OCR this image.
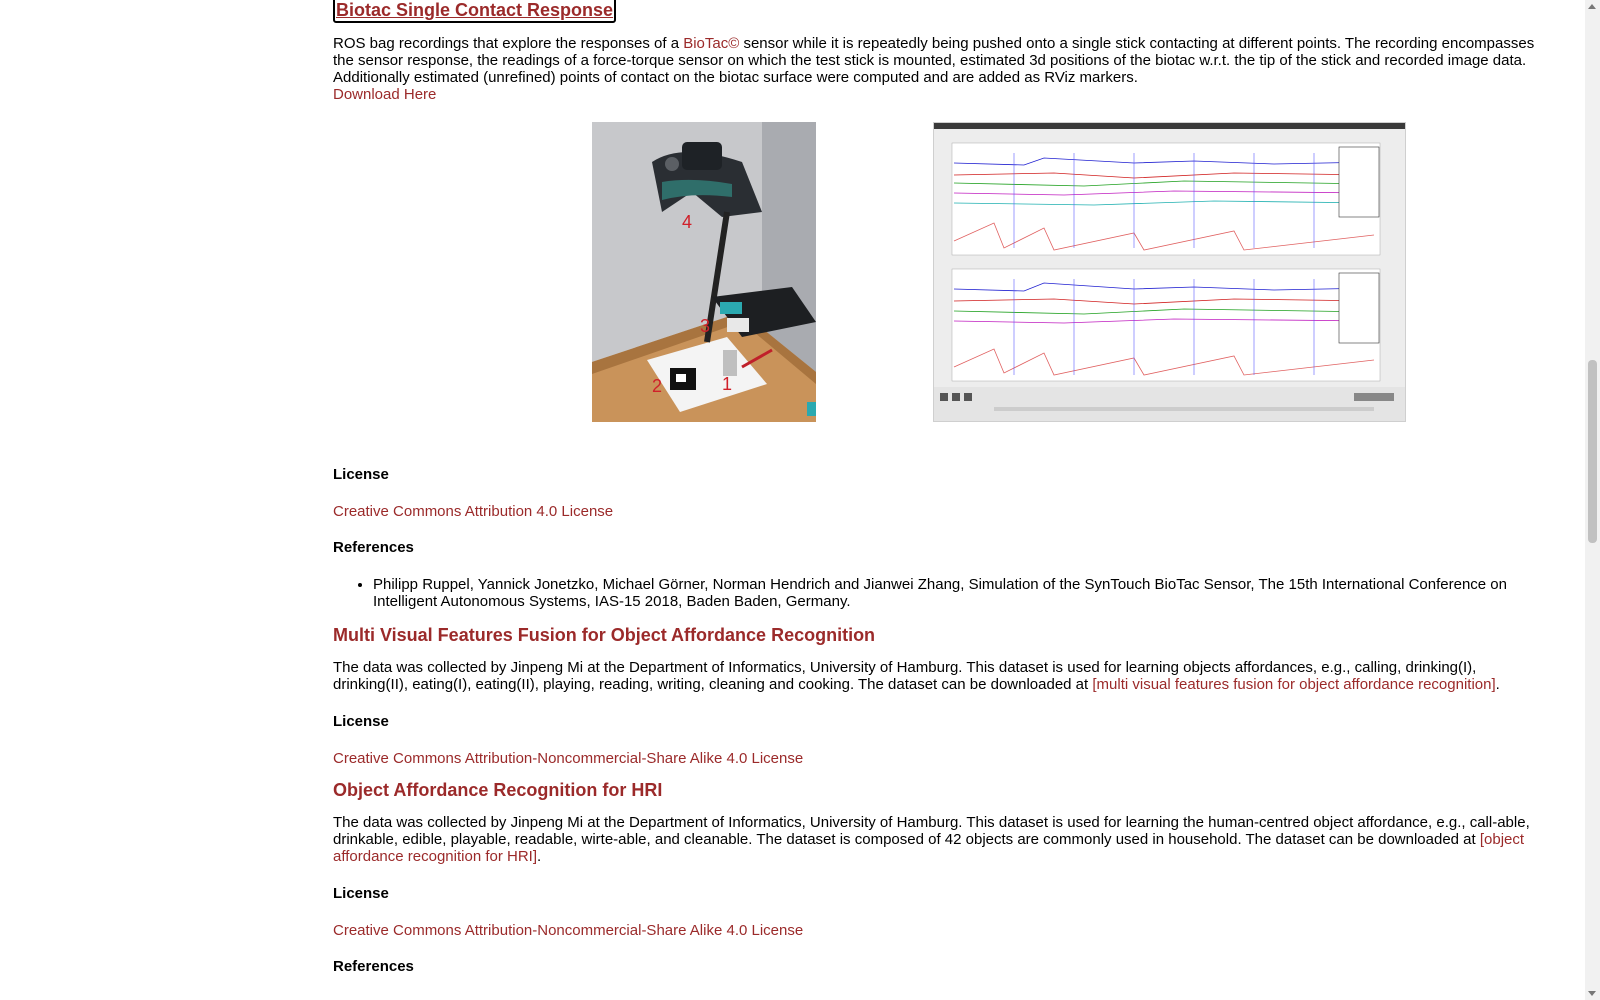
Biotac Single Contact Response

ROS bag recordings that explore the responses of a BioTac© sensor while it is repeatedly being pushed onto a single stick contacting at different points. The recording encompasses the sensor response, the readings of a force-torque sensor on which the test stick is mounted, estimated 3d positions of the biotac w.r.t. the tip of the stick and recorded image data. Additionally estimated (unrefined) points of contact on the biotac surface were computed and are added as RViz markers.

Download Here

4
3
2	1

License

Creative Commons Attribution 4.0 License

References

• Philipp Ruppel, Yannick Jonetzko, Michael Görner, Norman Hendrich and Jianwei Zhang, Simulation of the SynTouch BioTac Sensor, The 15th International Conference on Intelligent Autonomous Systems, IAS-15 2018, Baden Baden, Germany.

Multi Visual Features Fusion for Object Affordance Recognition

The data was collected by Jinpeng Mi at the Department of Informatics, University of Hamburg. This dataset is used for learning objects affordances, e.g., calling, drinking(I), drinking(II), eating(I), eating(II), playing, reading, writing, cleaning and cooking. The dataset can be downloaded at [multi visual features fusion for object affordance recognition].

License

Creative Commons Attribution-Noncommercial-Share Alike 4.0 License

Object Affordance Recognition for HRI

The data was collected by Jinpeng Mi at the Department of Informatics, University of Hamburg. This dataset is used for learning the human-centred object affordance, e.g., call-able, drinkable, edible, playable, readable, wirte-able, and cleanable. The dataset is composed of 42 objects are commonly used in household. The dataset can be downloaded at [object affordance recognition for HRI].

License

Creative Commons Attribution-Noncommercial-Share Alike 4.0 License

References
